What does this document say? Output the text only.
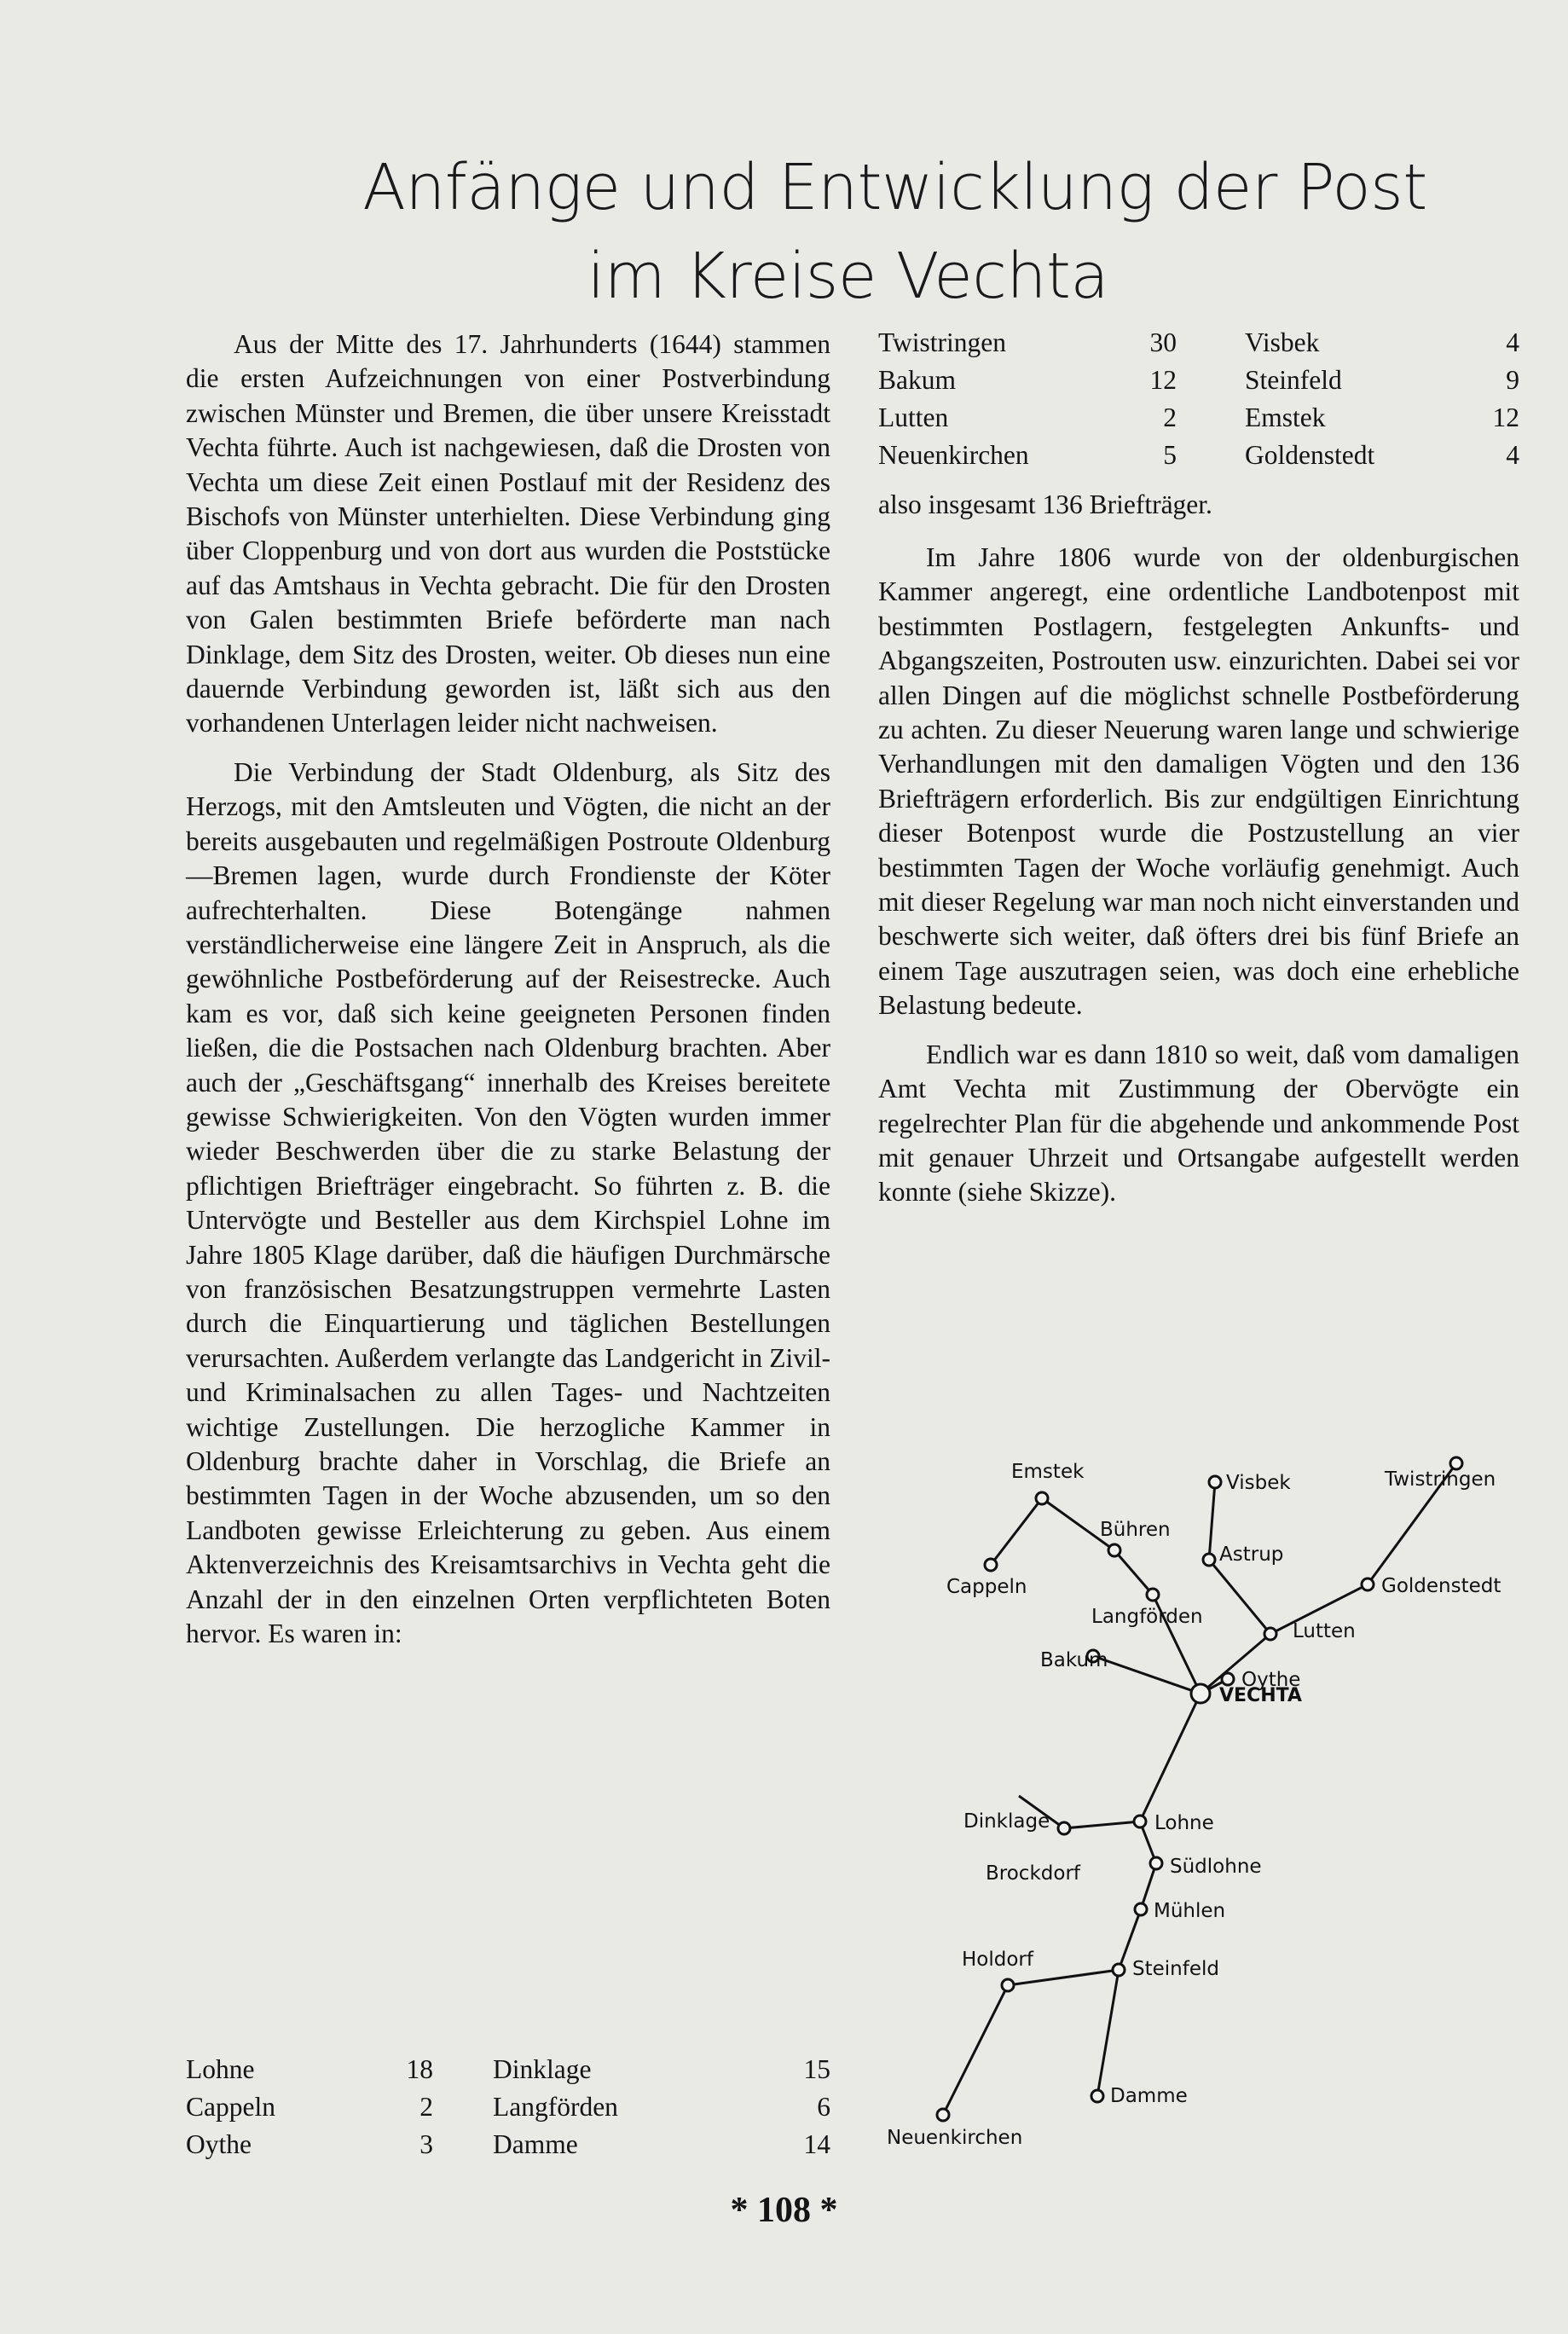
Anfänge und Entwicklung der Post
im Kreise Vechta

Aus der Mitte des 17. Jahrhunderts (1644) stammen die ersten Aufzeichnungen von einer Postverbindung zwischen Münster und Bremen, die über unsere Kreisstadt Vechta führte. Auch ist nachgewiesen, daß die Drosten von Vechta um diese Zeit einen Postlauf mit der Residenz des Bischofs von Münster unterhielten. Diese Verbindung ging über Cloppenburg und von dort aus wurden die Poststücke auf das Amtshaus in Vechta gebracht. Die für den Drosten von Galen bestimmten Briefe beförderte man nach Dinklage, dem Sitz des Drosten, weiter. Ob dieses nun eine dauernde Verbindung geworden ist, läßt sich aus den vorhandenen Unterlagen leider nicht nachweisen.

Die Verbindung der Stadt Oldenburg, als Sitz des Herzogs, mit den Amtsleuten und Vögten, die nicht an der bereits ausgebauten und regelmäßigen Postroute Oldenburg—Bremen lagen, wurde durch Frondienste der Köter aufrechterhalten. Diese Botengänge nahmen verständlicherweise eine längere Zeit in Anspruch, als die gewöhnliche Postbeförderung auf der Reisestrecke. Auch kam es vor, daß sich keine geeigneten Personen finden ließen, die die Postsachen nach Oldenburg brachten. Aber auch der „Geschäftsgang“ innerhalb des Kreises bereitete gewisse Schwierigkeiten. Von den Vögten wurden immer wieder Beschwerden über die zu starke Belastung der pflichtigen Briefträger eingebracht. So führten z. B. die Untervögte und Besteller aus dem Kirchspiel Lohne im Jahre 1805 Klage darüber, daß die häufigen Durchmärsche von französischen Besatzungstruppen vermehrte Lasten durch die Einquartierung und täglichen Bestellungen verursachten. Außerdem verlangte das Landgericht in Zivil- und Kriminalsachen zu allen Tages- und Nachtzeiten wichtige Zustellungen. Die herzogliche Kammer in Oldenburg brachte daher in Vorschlag, die Briefe an bestimmten Tagen in der Woche abzusenden, um so den Landboten gewisse Erleichterung zu geben. Aus einem Aktenverzeichnis des Kreisamtsarchivs in Vechta geht die Anzahl der in den einzelnen Orten verpflichteten Boten hervor. Es waren in:

Lohne	18		Dinklage	15
Cappeln	2		Langförden	6
Oythe	3		Damme	14
Twistringen	30		Visbek	4
Bakum	12		Steinfeld	9
Lutten	2		Emstek	12
Neuenkirchen	5		Goldenstedt	4
also insgesamt 136 Briefträger.

Im Jahre 1806 wurde von der oldenburgischen Kammer angeregt, eine ordentliche Landbotenpost mit bestimmten Postlagern, festgelegten Ankunfts- und Abgangszeiten, Postrouten usw. einzurichten. Dabei sei vor allen Dingen auf die möglichst schnelle Postbeförderung zu achten. Zu dieser Neuerung waren lange und schwierige Verhandlungen mit den damaligen Vögten und den 136 Briefträgern erforderlich. Bis zur endgültigen Einrichtung dieser Botenpost wurde die Postzustellung an vier bestimmten Tagen der Woche vorläufig genehmigt. Auch mit dieser Regelung war man noch nicht einverstanden und beschwerte sich weiter, daß öfters drei bis fünf Briefe an einem Tage auszutragen seien, was doch eine erhebliche Belastung bedeute.

Endlich war es dann 1810 so weit, daß vom damaligen Amt Vechta mit Zustimmung der Obervögte ein regelrechter Plan für die abgehende und ankommende Post mit genauer Uhrzeit und Ortsangabe aufgestellt werden konnte (siehe Skizze).

Emstek
Cappeln
Bühren
Langförden
Visbek
Astrup
Twistringen
Goldenstedt
Lutten
Oythe
Bakum
VECHTA
Dinklage	Lohne
Brockdorf	Südlohne
Mühlen
Steinfeld
Holdorf
Damme
Neuenkirchen
* 108 *
